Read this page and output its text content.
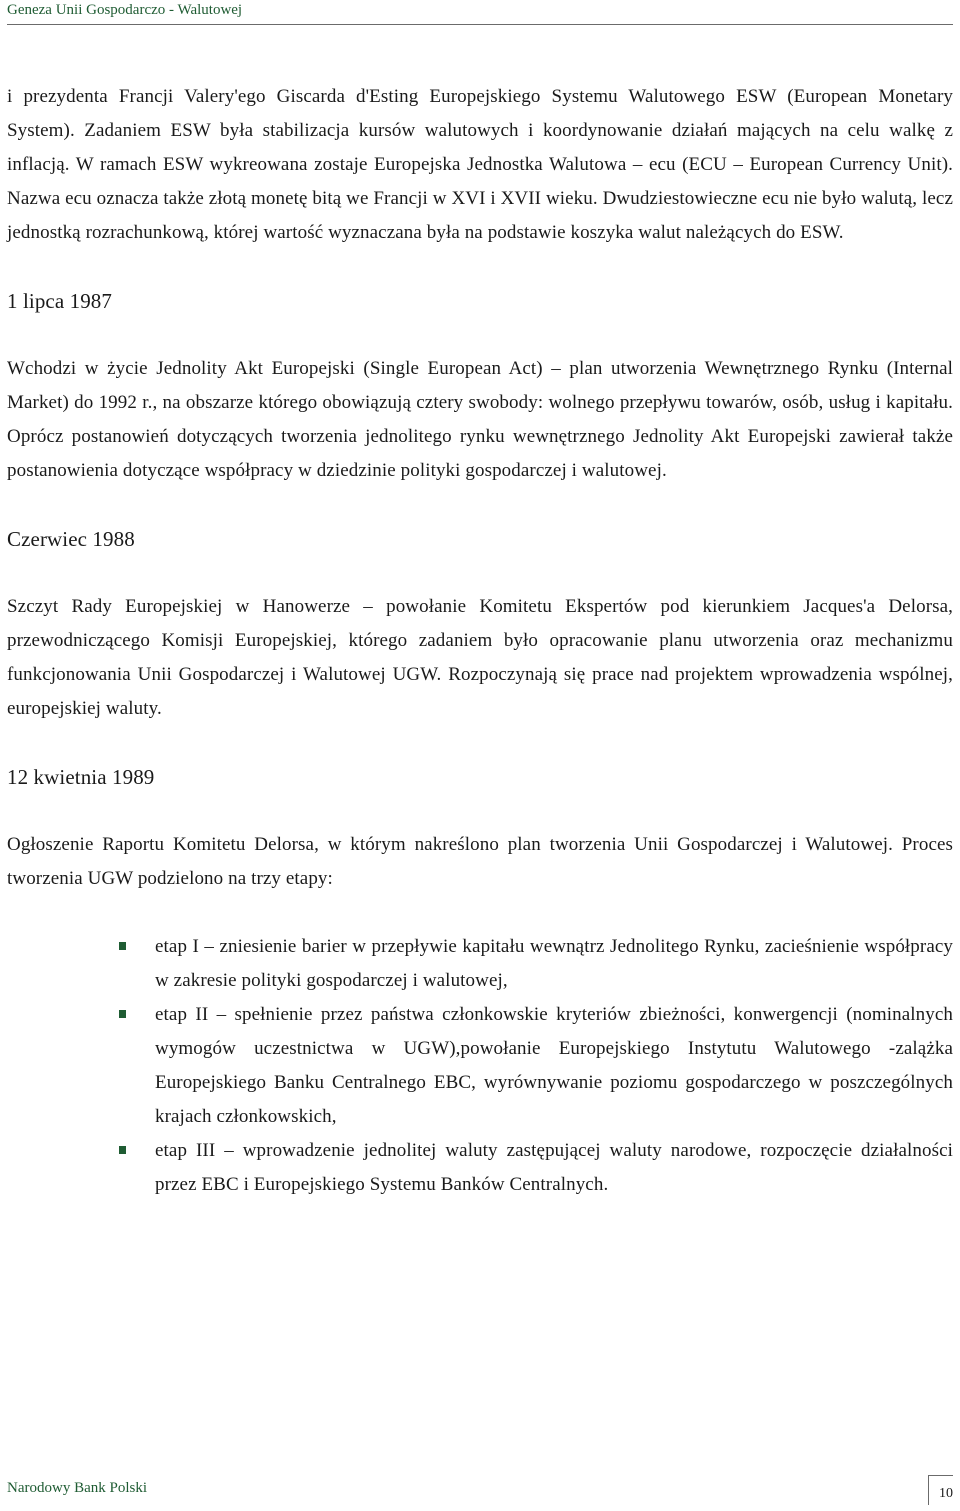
Geneza Unii Gospodarczo - Walutowej

i prezydenta Francji Valery'ego Giscarda d'Esting Europejskiego Systemu Walutowego ESW (European Monetary System). Zadaniem ESW była stabilizacja kursów walutowych i koordynowanie działań mających na celu walkę z inflacją. W ramach ESW wykreowana zostaje Europejska Jednostka Walutowa – ecu (ECU – European Currency Unit). Nazwa ecu oznacza także złotą monetę bitą we Francji w XVI i XVII wieku. Dwudziestowieczne ecu nie było walutą, lecz jednostką rozrachunkową, której wartość wyznaczana była na podstawie koszyka walut należących do ESW.

1 lipca 1987

Wchodzi w życie Jednolity Akt Europejski (Single European Act) – plan utworzenia Wewnętrznego Rynku (Internal Market) do 1992 r., na obszarze którego obowiązują cztery swobody: wolnego przepływu towarów, osób, usług i kapitału. Oprócz postanowień dotyczących tworzenia jednolitego rynku wewnętrznego Jednolity Akt Europejski zawierał także postanowienia dotyczące współpracy w dziedzinie polityki gospodarczej i walutowej.

Czerwiec 1988

Szczyt Rady Europejskiej w Hanowerze – powołanie Komitetu Ekspertów pod kierunkiem Jacques'a Delorsa, przewodniczącego Komisji Europejskiej, którego zadaniem było opracowanie planu utworzenia oraz mechanizmu funkcjonowania Unii Gospodarczej i Walutowej UGW. Rozpoczynają się prace nad projektem wprowadzenia wspólnej, europejskiej waluty.

12 kwietnia 1989

Ogłoszenie Raportu Komitetu Delorsa, w którym nakreślono plan tworzenia Unii Gospodarczej i Walutowej. Proces tworzenia UGW podzielono na trzy etapy:

etap I – zniesienie barier w przepływie kapitału wewnątrz Jednolitego Rynku, zacieśnienie współpracy w zakresie polityki gospodarczej i walutowej,

etap II – spełnienie przez państwa członkowskie kryteriów zbieżności, konwergencji (nominalnych wymogów uczestnictwa w UGW),powołanie Europejskiego Instytutu Walutowego -zalążka Europejskiego Banku Centralnego EBC, wyrównywanie poziomu gospodarczego w poszczególnych krajach członkowskich,

etap III – wprowadzenie jednolitej waluty zastępującej waluty narodowe, rozpoczęcie działalności przez EBC i Europejskiego Systemu Banków Centralnych.

Narodowy Bank Polski	10
